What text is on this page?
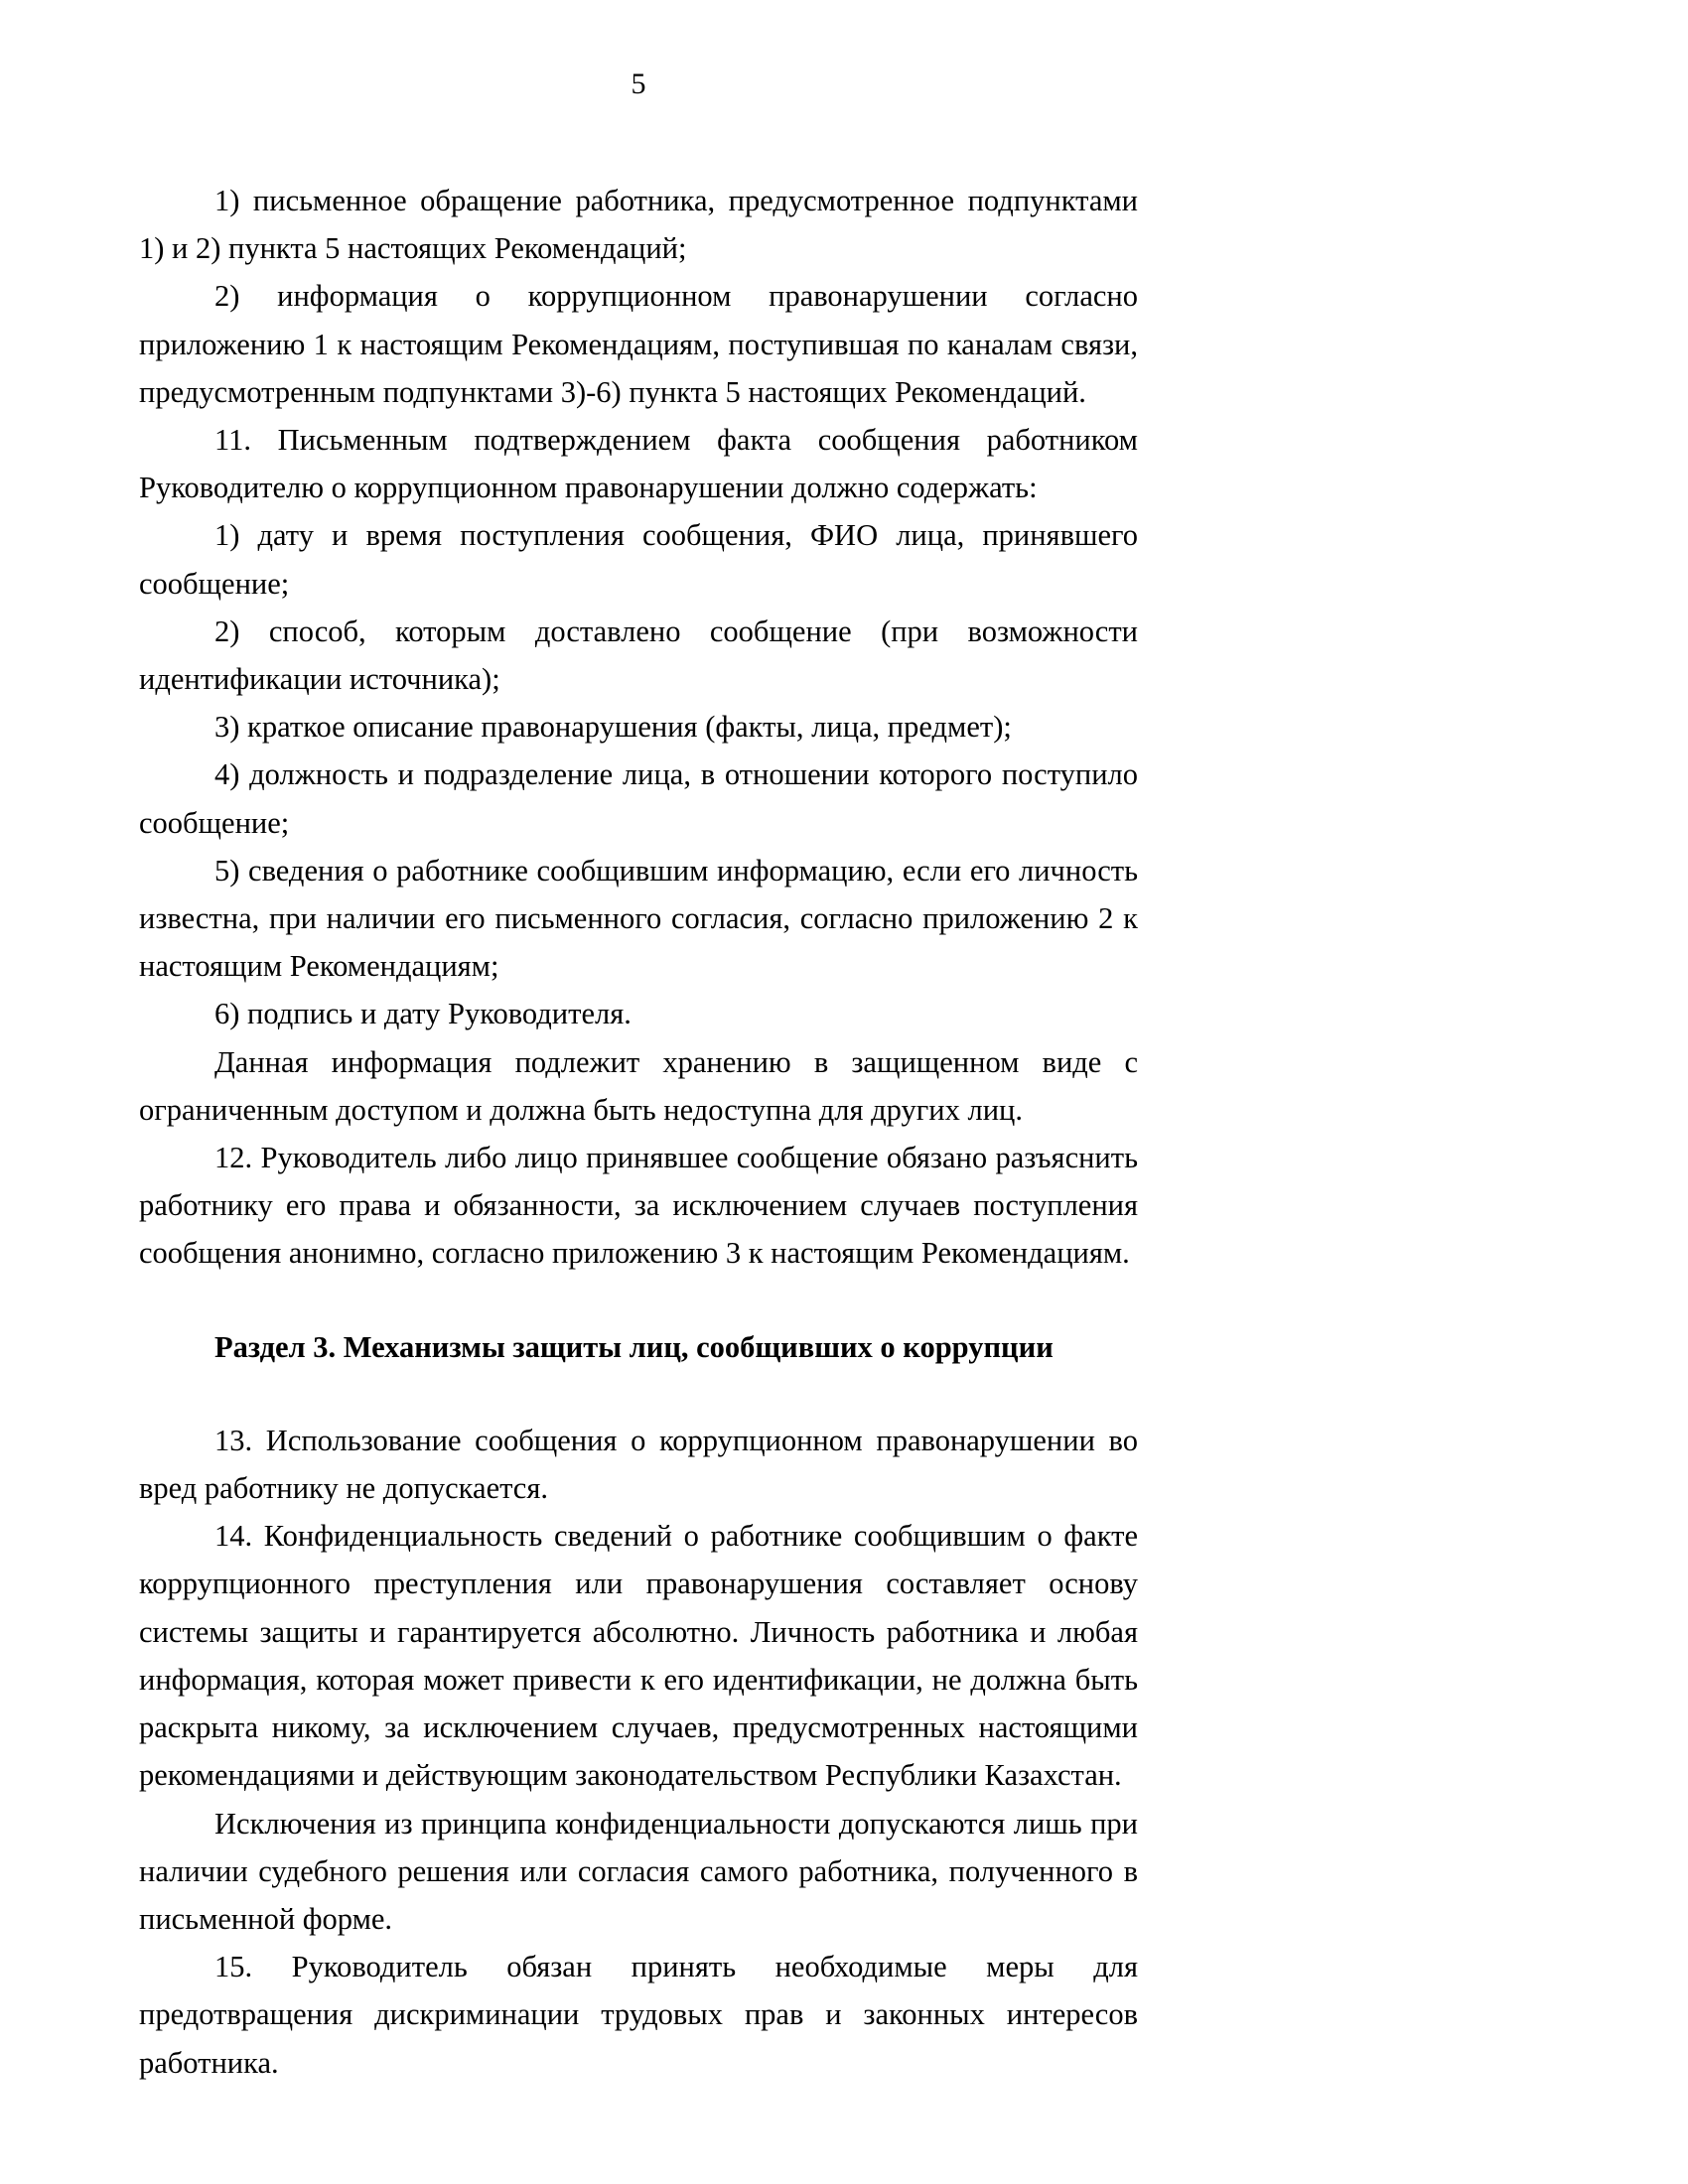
5

1) письменное обращение работника, предусмотренное подпунктами 1) и 2) пункта 5 настоящих Рекомендаций;

2) информация о коррупционном правонарушении согласно приложению 1 к настоящим Рекомендациям, поступившая по каналам связи, предусмотренным подпунктами 3)-6) пункта 5 настоящих Рекомендаций.

11. Письменным подтверждением факта сообщения работником Руководителю о коррупционном правонарушении должно содержать:

1) дату и время поступления сообщения, ФИО лица, принявшего сообщение;

2) способ, которым доставлено сообщение (при возможности идентификации источника);

3) краткое описание правонарушения (факты, лица, предмет);

4) должность и подразделение лица, в отношении которого поступило сообщение;

5) сведения о работнике сообщившим информацию, если его личность известна, при наличии его письменного согласия, согласно приложению 2 к настоящим Рекомендациям;

6) подпись и дату Руководителя.

Данная информация подлежит хранению в защищенном виде с ограниченным доступом и должна быть недоступна для других лиц.

12. Руководитель либо лицо принявшее сообщение обязано разъяснить работнику его права и обязанности, за исключением случаев поступления сообщения анонимно, согласно приложению 3 к настоящим Рекомендациям.

Раздел 3. Механизмы защиты лиц, сообщивших о коррупции

13. Использование сообщения о коррупционном правонарушении во вред работнику не допускается.

14. Конфиденциальность сведений о работнике сообщившим о факте коррупционного преступления или правонарушения составляет основу системы защиты и гарантируется абсолютно. Личность работника и любая информация, которая может привести к его идентификации, не должна быть раскрыта никому, за исключением случаев, предусмотренных настоящими рекомендациями и действующим законодательством Республики Казахстан.

Исключения из принципа конфиденциальности допускаются лишь при наличии судебного решения или согласия самого работника, полученного в письменной форме.

15. Руководитель обязан принять необходимые меры для предотвращения дискриминации трудовых прав и законных интересов работника.
